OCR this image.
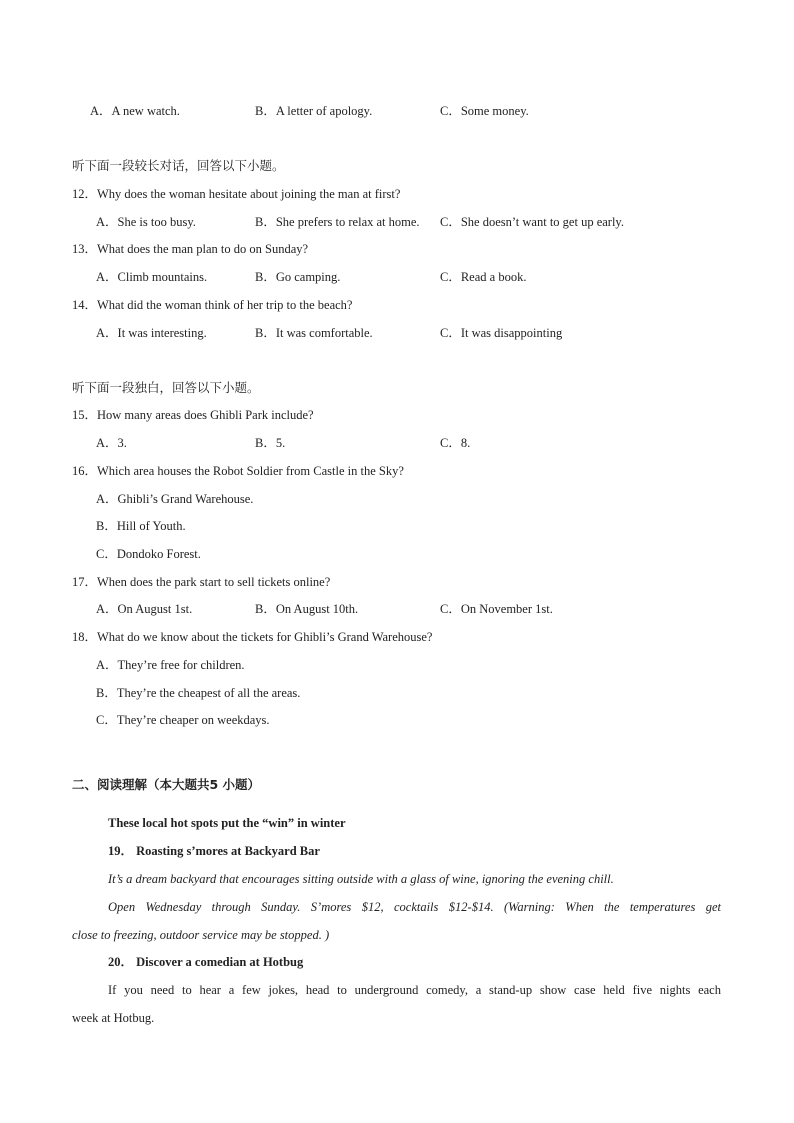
A．A new watch.	B．A letter of apology.	C．Some money.
听下面一段较长对话，回答以下小题。
12．Why does the woman hesitate about joining the man at first?
A．She is too busy.	B．She prefers to relax at home. C．She doesn’t want to get up early.
13．What does the man plan to do on Sunday?
A．Climb mountains.	B．Go camping.	C．Read a book.
14．What did the woman think of her trip to the beach?
A．It was interesting.	B．It was comfortable.	C．It was disappointing
听下面一段独白，回答以下小题。
15．How many areas does Ghibli Park include?
A．3.	B．5.	C．8.
16．Which area houses the Robot Soldier from Castle in the Sky?
A．Ghibli’s Grand Warehouse.
B．Hill of Youth.
C．Dondoko Forest.
17．When does the park start to sell tickets online?
A．On August 1st.	B．On August 10th.	C．On November 1st.
18．What do we know about the tickets for Ghibli’s Grand Warehouse?
A．They’re free for children.
B．They’re the cheapest of all the areas.
C．They’re cheaper on weekdays.
二、阅读理解（本大题共5 小题）
These local hot spots put the “win” in winter
19． Roasting s’mores at Backyard Bar
It’s a dream backyard that encourages sitting outside with a glass of wine, ignoring the evening chill.
Open Wednesday through Sunday. S’mores $12, cocktails $12-$14. (Warning: When the temperatures get
close to freezing, outdoor service may be stopped. )
20． Discover a comedian at Hotbug
If you need to hear a few jokes, head to underground comedy, a stand-up show case held five nights each
week at Hotbug.
